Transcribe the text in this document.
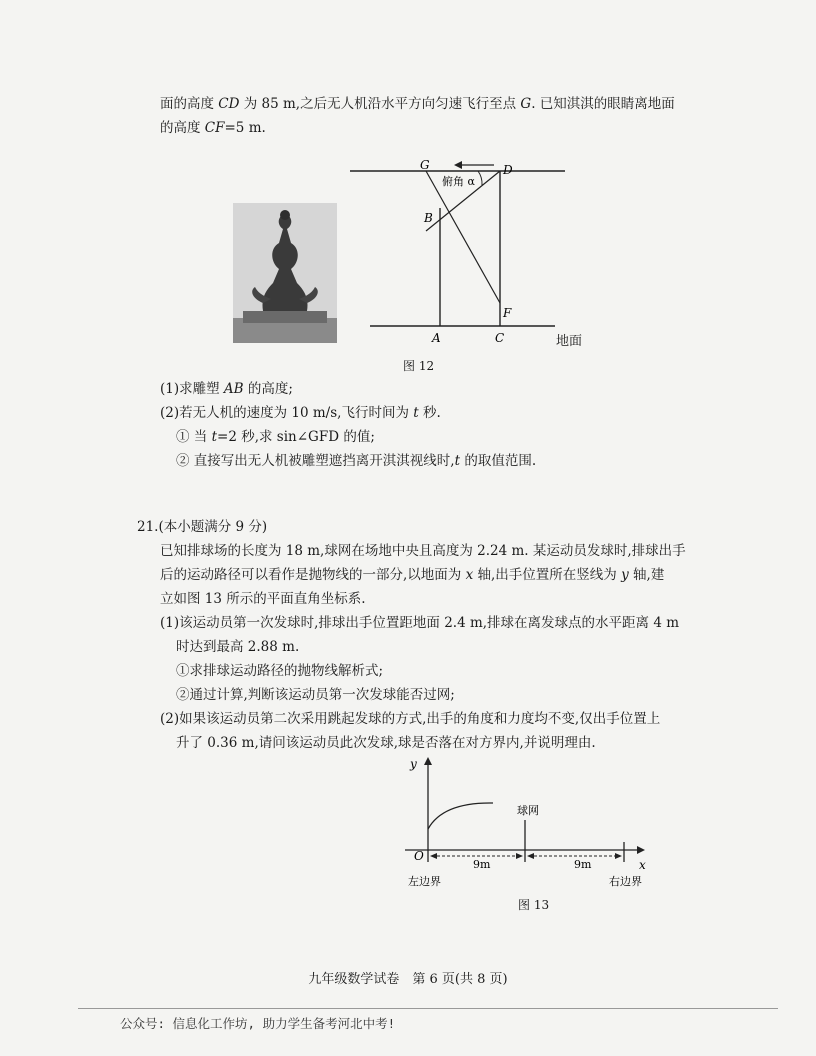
面的高度 CD 为 85 m,之后无人机沿水平方向匀速飞行至点 G. 已知淇淇的眼睛离地面
的高度 CF=5 m.
G	D
B
A	C
F
俯角 α
地面
图 12
(1)求雕塑 AB 的高度;
(2)若无人机的速度为 10 m/s,飞行时间为 t 秒.
① 当 t=2 秒,求 sin∠GFD 的值;
② 直接写出无人机被雕塑遮挡离开淇淇视线时,t 的取值范围.
21.(本小题满分 9 分)
已知排球场的长度为 18 m,球网在场地中央且高度为 2.24 m. 某运动员发球时,排球出手
后的运动路径可以看作是抛物线的一部分,以地面为 x 轴,出手位置所在竖线为 y 轴,建
立如图 13 所示的平面直角坐标系.
(1)该运动员第一次发球时,排球出手位置距地面 2.4 m,排球在离发球点的水平距离 4 m
时达到最高 2.88 m.
①求排球运动路径的抛物线解析式;
②通过计算,判断该运动员第一次发球能否过网;
(2)如果该运动员第二次采用跳起发球的方式,出手的角度和力度均不变,仅出手位置上
升了 0.36 m,请问该运动员此次发球,球是否落在对方界内,并说明理由.
y
x
O
球网
9m	9m
左边界	右边界
图 13
九年级数学试卷　第 6 页(共 8 页)
公众号: 信息化工作坊, 助力学生备考河北中考!
